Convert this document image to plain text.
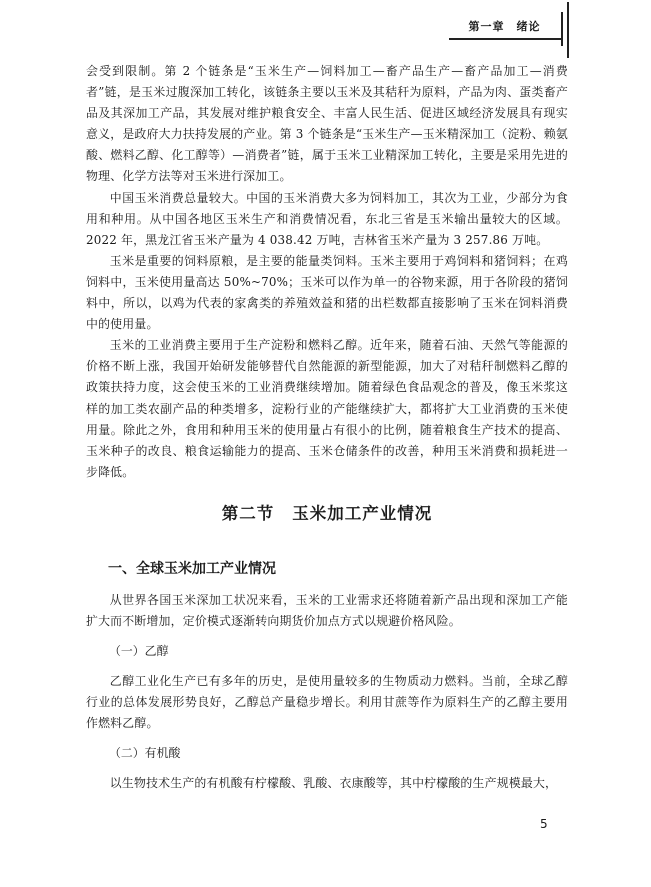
第一章　绪论

会受到限制。第 2 个链条是“玉米生产—饲料加工—畜产品生产—畜产品加工—消费者”链，是玉米过腹深加工转化，该链条主要以玉米及其秸秆为原料，产品为肉、蛋类畜产品及其深加工产品，其发展对维护粮食安全、丰富人民生活、促进区域经济发展具有现实意义，是政府大力扶持发展的产业。第 3 个链条是“玉米生产—玉米精深加工（淀粉、赖氨酸、燃料乙醇、化工醇等）—消费者”链，属于玉米工业精深加工转化，主要是采用先进的物理、化学方法等对玉米进行深加工。

中国玉米消费总量较大。中国的玉米消费大多为饲料加工，其次为工业，少部分为食用和种用。从中国各地区玉米生产和消费情况看，东北三省是玉米输出量较大的区域。2022 年，黑龙江省玉米产量为 4 038.42 万吨，吉林省玉米产量为 3 257.86 万吨。

玉米是重要的饲料原粮，是主要的能量类饲料。玉米主要用于鸡饲料和猪饲料；在鸡饲料中，玉米使用量高达 50%~70%；玉米可以作为单一的谷物来源，用于各阶段的猪饲料中，所以，以鸡为代表的家禽类的养殖效益和猪的出栏数都直接影响了玉米在饲料消费中的使用量。

玉米的工业消费主要用于生产淀粉和燃料乙醇。近年来，随着石油、天然气等能源的价格不断上涨，我国开始研发能够替代自然能源的新型能源，加大了对秸秆制燃料乙醇的政策扶持力度，这会使玉米的工业消费继续增加。随着绿色食品观念的普及，像玉米浆这样的加工类农副产品的种类增多，淀粉行业的产能继续扩大，都将扩大工业消费的玉米使用量。除此之外，食用和种用玉米的使用量占有很小的比例，随着粮食生产技术的提高、玉米种子的改良、粮食运输能力的提高、玉米仓储条件的改善，种用玉米消费和损耗进一步降低。

第二节 玉米加工产业情况
一、全球玉米加工产业情况

从世界各国玉米深加工状况来看，玉米的工业需求还将随着新产品出现和深加工产能扩大而不断增加，定价模式逐渐转向期货价加点方式以规避价格风险。

（一）乙醇

乙醇工业化生产已有多年的历史，是使用量较多的生物质动力燃料。当前，全球乙醇行业的总体发展形势良好，乙醇总产量稳步增长。利用甘蔗等作为原料生产的乙醇主要用作燃料乙醇。

（二）有机酸

以生物技术生产的有机酸有柠檬酸、乳酸、衣康酸等，其中柠檬酸的生产规模最大，

5
